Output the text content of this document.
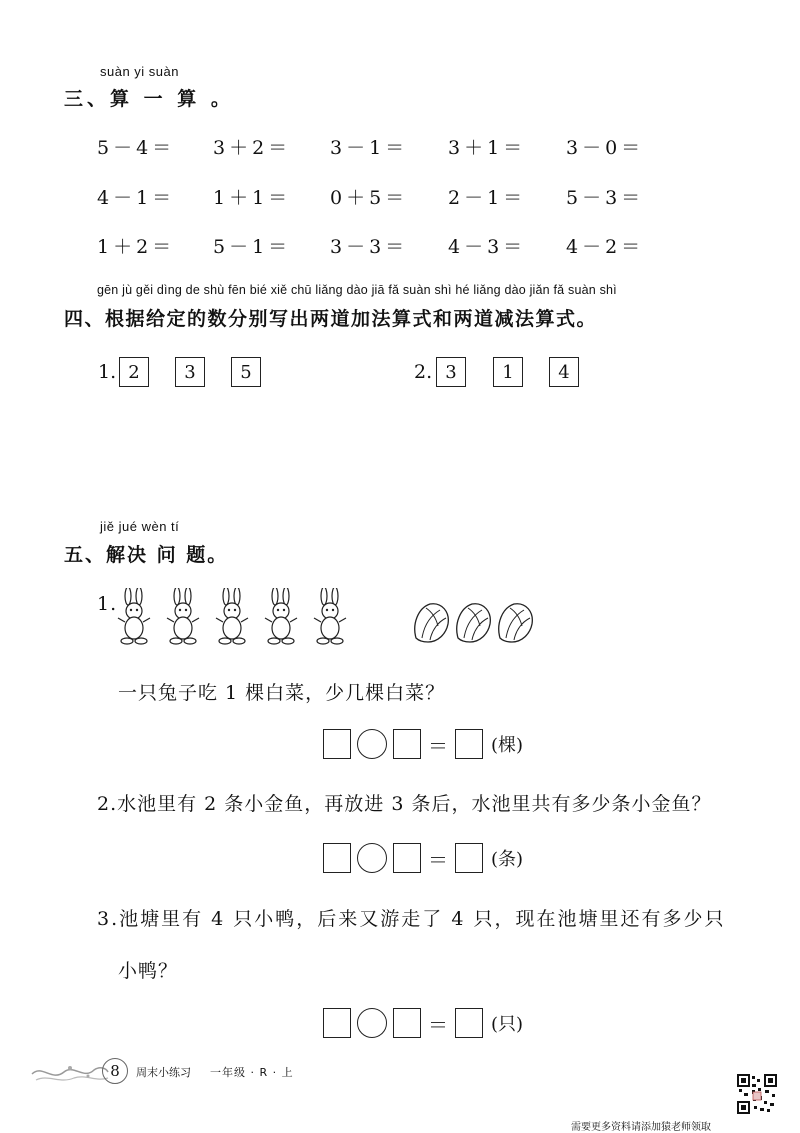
suàn yi suàn
三、算 一 算 。
5－4＝ 3＋2＝ 3－1＝ 3＋1＝ 3－0＝
4－1＝ 1＋1＝ 0＋5＝ 2－1＝ 5－3＝
1＋2＝ 5－1＝ 3－3＝ 4－3＝ 4－2＝
gēn jù gěi dìng de shù fēn bié xiě chū liǎng dào jiā fǎ suàn shì hé liǎng dào jiǎn fǎ suàn shì
四、根据给定的数分别写出两道加法算式和两道减法算式。
1. 2	3	5	2. 3	1	4
jiě jué wèn tí
五、解决 问 题。
1.
一只兔子吃 1 棵白菜，少几棵白菜？
＝ (棵)
2.水池里有 2 条小金鱼，再放进 3 条后，水池里共有多少条小金鱼？
＝ (条)
3.池塘里有 4 只小鸭，后来又游走了 4 只，现在池塘里还有多少只
小鸭？
＝ (只)
8	周末小练习 一年级 · R · 上
需要更多资料请添加猿老师领取
